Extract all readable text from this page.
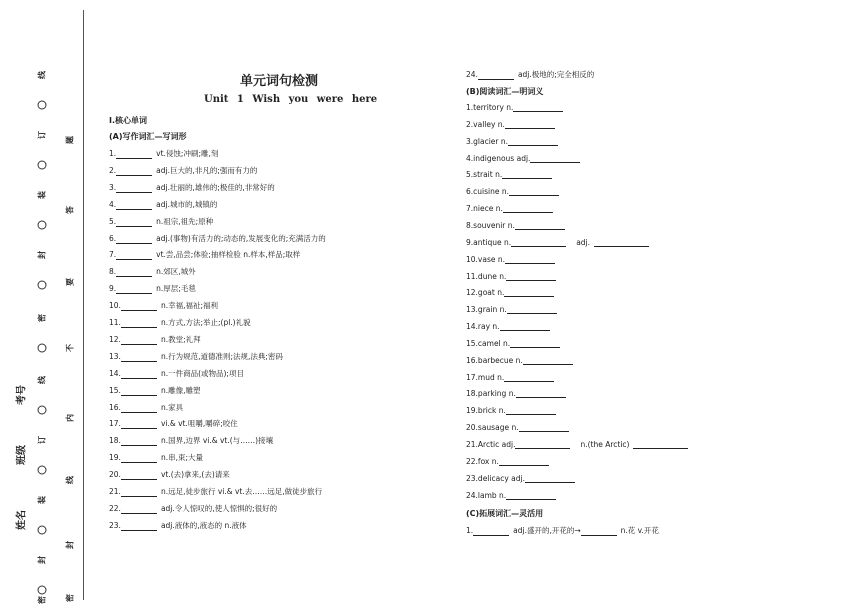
线
订
装
封
密
线
订
装
封
密
题
答
要
不
内
线
封
密
考号
班级
姓名
单元词句检测
Unit 1 Wish you were here
Ⅰ.核心单词
(A)写作词汇—写词形
1.	vt.侵蚀;冲刷;雕,刻
2.	adj.巨大的,非凡的;强而有力的
3.	adj.壮丽的,雄伟的;极佳的,非常好的
4.	adj.城市的,城镇的
5.	n.祖宗,祖先;原种
6.	adj.(事物)有活力的;动态的,发展变化的;充满活力的
7.	vt.尝,品尝;体验;抽样检验 n.样本,样品;取样
8.	n.郊区,城外
9.	n.厚层;毛毯
10.	n.幸福,福祉;福利
11.	n.方式,方法;举止;(pl.)礼貌
12.	n.教堂;礼拜
13.	n.行为规范,道德准则;法规,法典;密码
14.	n.一件商品(或物品);项目
15.	n.雕像,雕塑
16.	n.家具
17.	vi.& vt.咀嚼,嚼碎;咬住
18.	n.国界,边界 vi.& vt.(与……)接壤
19.	n.串,束;大量
20.	vt.(去)拿来,(去)请来
21.	n.远足,徒步旅行 vi.& vt.去……远足,做徒步旅行
22.	adj.令人惊叹的,使人惊惧的;很好的
23.	adj.液体的,液态的 n.液体
24.	adj.极地的;完全相反的
(B)阅读词汇—明词义
1.territory n.
2.valley n.
3.glacier n.
4.indigenous adj.
5.strait n.
6.cuisine n.
7.niece n.
8.souvenir n.
9.antique n.	adj.
10.vase n.
11.dune n.
12.goat n.
13.grain n.
14.ray n.
15.camel n.
16.barbecue n.
17.mud n.
18.parking n.
19.brick n.
20.sausage n.
21.Arctic adj.	n.(the Arctic)
22.fox n.
23.delicacy adj.
24.lamb n.
(C)拓展词汇—灵活用
1.	adj.盛开的,开花的→	n.花 v.开花
